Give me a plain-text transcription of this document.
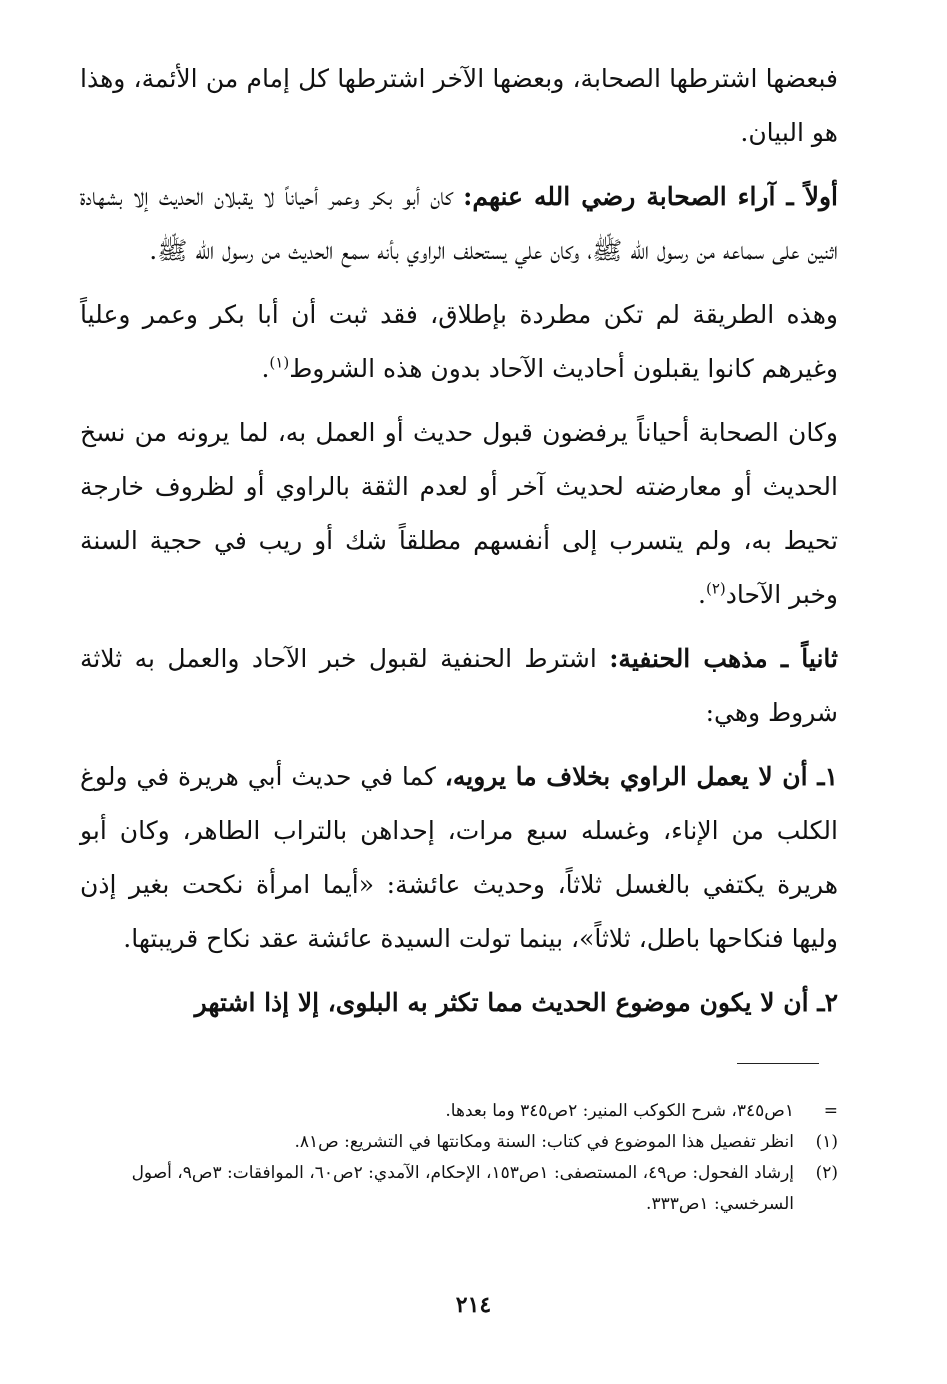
فبعضها اشترطها الصحابة، وبعضها الآخر اشترطها كل إمام من الأئمة، وهذا هو البيان.

أولاً ـ آراء الصحابة رضي الله عنهم: كان أبو بكر وعمر أحياناً لا يقبلان الحديث إلا بشهادة اثنين على سماعه من رسول الله ﷺ، وكان علي يستحلف الراوي بأنه سمع الحديث من رسول الله ﷺ.

وهذه الطريقة لم تكن مطردة بإطلاق، فقد ثبت أن أبا بكر وعمر وعلياً وغيرهم كانوا يقبلون أحاديث الآحاد بدون هذه الشروط$^{(١)}$.

وكان الصحابة أحياناً يرفضون قبول حديث أو العمل به، لما يرونه من نسخ الحديث أو معارضته لحديث آخر أو لعدم الثقة بالراوي أو لظروف خارجة تحيط به، ولم يتسرب إلى أنفسهم مطلقاً شك أو ريب في حجية السنة وخبر الآحاد$^{(٢)}$.

ثانياً ـ مذهب الحنفية: اشترط الحنفية لقبول خبر الآحاد والعمل به ثلاثة شروط وهي:

١ـ أن لا يعمل الراوي بخلاف ما يرويه، كما في حديث أبي هريرة في ولوغ الكلب من الإناء، وغسله سبع مرات، إحداهن بالتراب الطاهر، وكان أبو هريرة يكتفي بالغسل ثلاثاً، وحديث عائشة: «أيما امرأة نكحت بغير إذن وليها فنكاحها باطل، ثلاثاً»، بينما تولت السيدة عائشة عقد نكاح قريبتها.

٢ـ أن لا يكون موضوع الحديث مما تكثر به البلوى، إلا إذا اشتهر

=
١ص٣٤٥، شرح الكوكب المنير: ٢ص٣٤٥ وما بعدها.
(١)
انظر تفصيل هذا الموضوع في كتاب: السنة ومكانتها في التشريع: ص٨١.
(٢)
إرشاد الفحول: ص٤٩، المستصفى: ١ص١٥٣، الإحكام، الآمدي: ٢ص٦٠، الموافقات: ٣ص٩، أصول السرخسي: ١ص٣٣٣.
٢١٤
